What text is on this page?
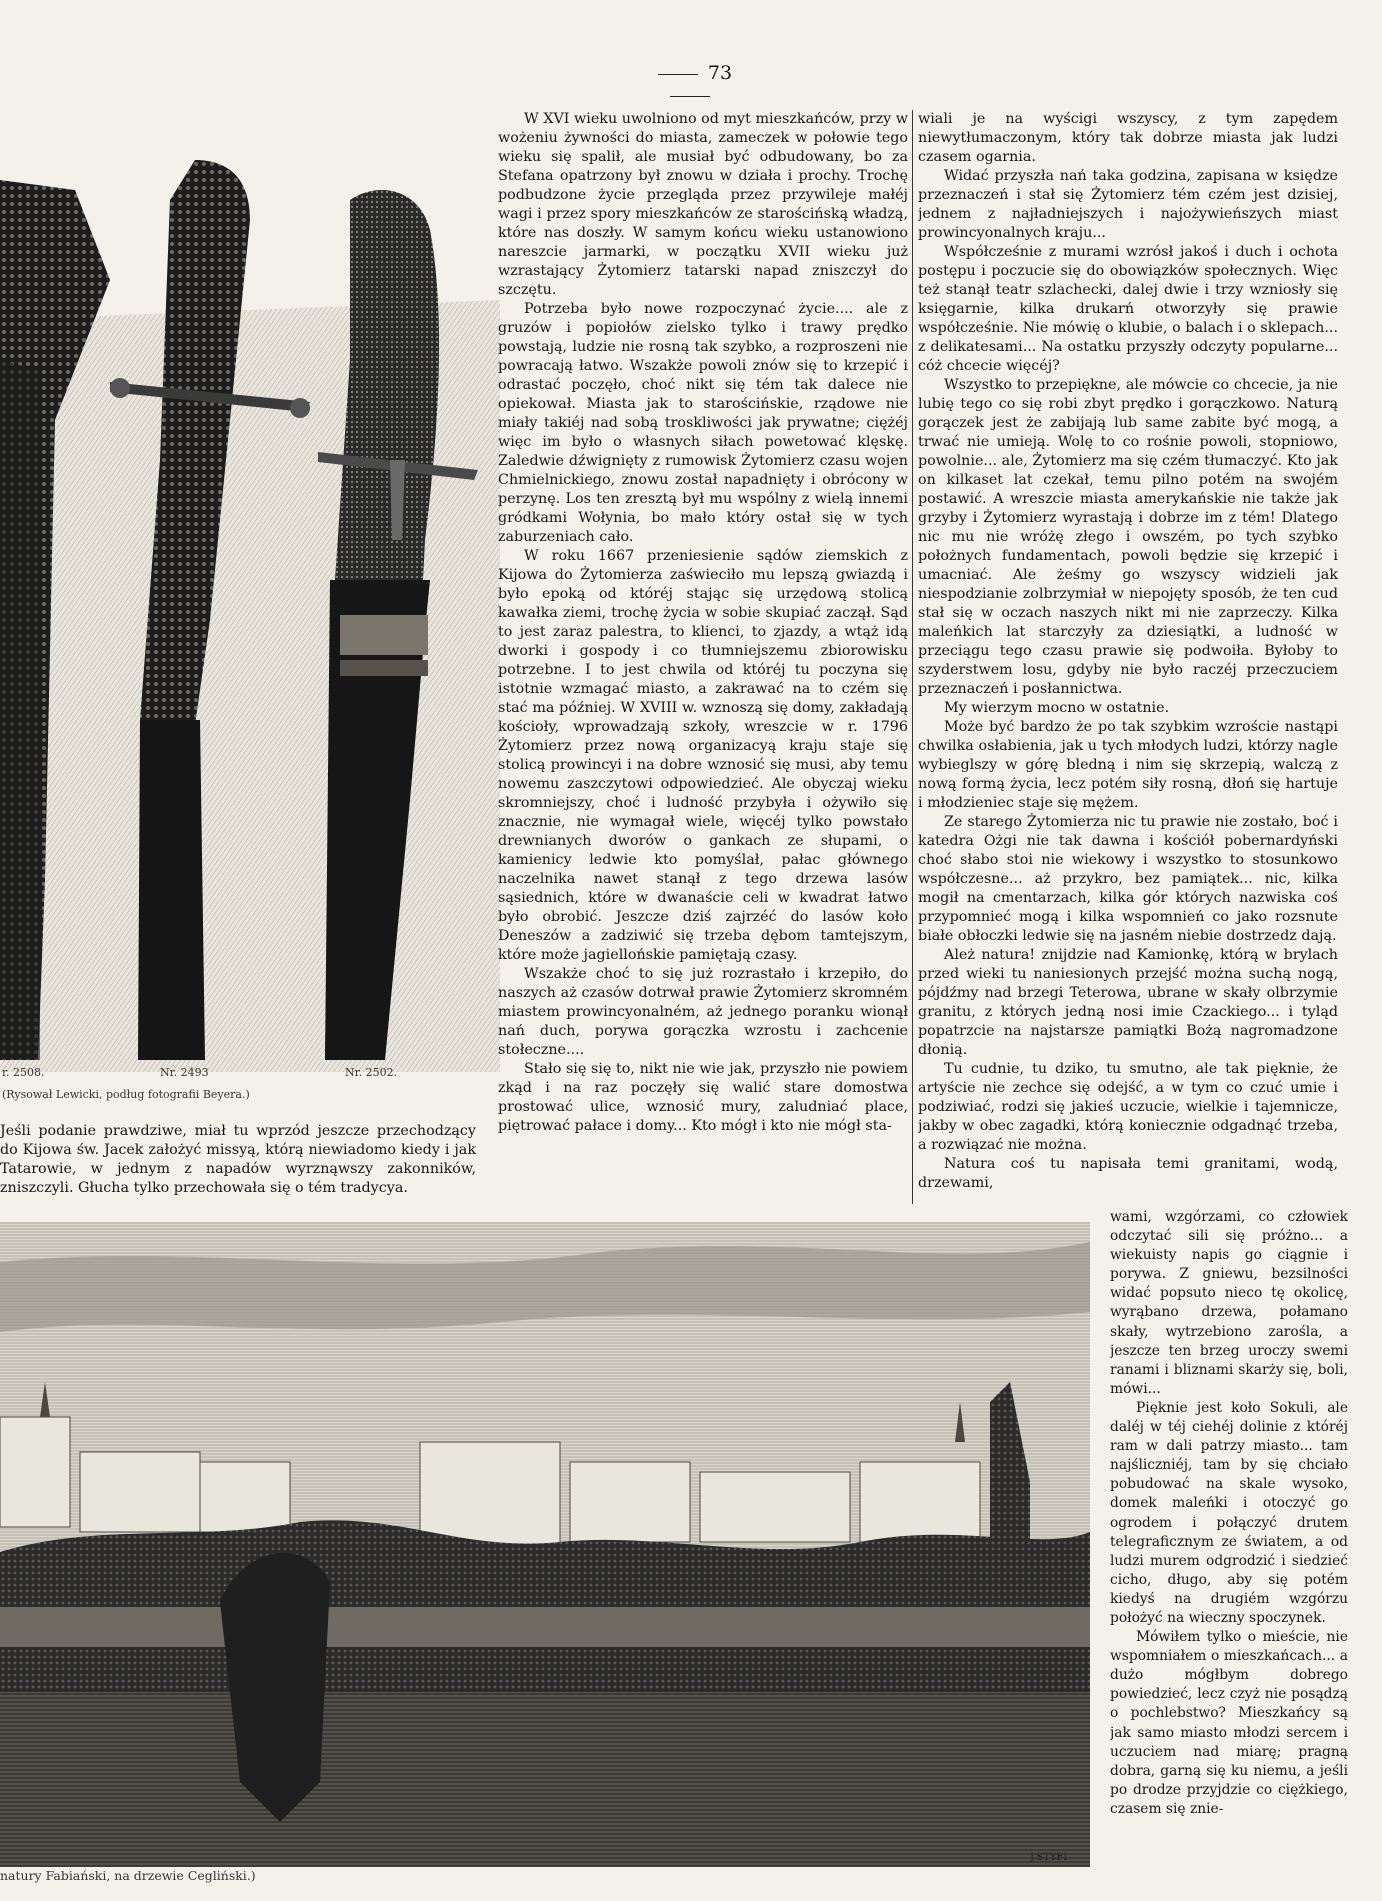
73
r. 2508.	Nr. 2493	Nr. 2502.
(Rysował Lewicki, podług fotografii Beyera.)

Jeśli podanie prawdziwe, miał tu wprzód jeszcze przechodzący do Kijowa św. Jacek założyć missyą, którą niewiadomo kiedy i jak Tatarowie, w jednym z napadów wyrznąwszy zakonników, zniszczyli. Głucha tylko przechowała się o tém tradycya.

W XVI wieku uwolniono od myt mieszkańców, przy w wożeniu żywności do miasta, zameczek w połowie tego wieku się spalił, ale musiał być odbudowany, bo za Stefana opatrzony był znowu w działa i prochy. Trochę podbudzone życie przegląda przez przywileje małéj wagi i przez spory mieszkańców ze starościńską władzą, które nas doszły. W samym końcu wieku ustanowiono nareszcie jarmarki, w początku XVII wieku już wzrastający Żytomierz tatarski napad zniszczył do szczętu.

Potrzeba było nowe rozpoczynać życie.... ale z gruzów i popiołów zielsko tylko i trawy prędko powstają, ludzie nie rosną tak szybko, a rozproszeni nie powracają łatwo. Wszakże powoli znów się to krzepić i odrastać poczęło, choć nikt się tém tak dalece nie opiekował. Miasta jak to starościńskie, rządowe nie miały takiéj nad sobą troskliwości jak prywatne; ciężéj więc im było o własnych siłach powetować klęskę. Zaledwie dźwignięty z rumowisk Żytomierz czasu wojen Chmielnickiego, znowu został napadnięty i obrócony w perzynę. Los ten zresztą był mu wspólny z wielą innemi gródkami Wołynia, bo mało który ostał się w tych zaburzeniach cało.

W roku 1667 przeniesienie sądów ziemskich z Kijowa do Żytomierza zaświeciło mu lepszą gwiazdą i było epoką od któréj stając się urzędową stolicą kawałka ziemi, trochę życia w sobie skupiać zaczął. Sąd to jest zaraz palestra, to klienci, to zjazdy, a wtąż idą dworki i gospody i co tłumniejszemu zbiorowisku potrzebne. I to jest chwila od któréj tu poczyna się istotnie wzmagać miasto, a zakrawać na to czém się stać ma później. W XVIII w. wznoszą się domy, zakładają kościoły, wprowadzają szkoły, wreszcie w r. 1796 Żytomierz przez nową organizacyą kraju staje się stolicą prowincyi i na dobre wznosić się musi, aby temu nowemu zaszczytowi odpowiedzieć. Ale obyczaj wieku skromniejszy, choć i ludność przybyła i ożywiło się znacznie, nie wymagał wiele, więcéj tylko powstało drewnianych dworów o gankach ze słupami, o kamienicy ledwie kto pomyślał, pałac głównego naczelnika nawet stanął z tego drzewa lasów sąsiednich, które w dwanaście celi w kwadrat łatwo było obrobić. Jeszcze dziś zajrzéć do lasów koło Deneszów a zadziwić się trzeba dębom tamtejszym, które może jagiellońskie pamiętają czasy.

Wszakże choć to się już rozrastało i krzepiło, do naszych aż czasów dotrwał prawie Żytomierz skromném miastem prowincyonalném, aż jednego poranku wionął nań duch, porywa gorączka wzrostu i zachcenie stołeczne....

Stało się się to, nikt nie wie jak, przyszło nie powiem zkąd i na raz poczęły się walić stare domostwa prostować ulice, wznosić mury, zaludniać place, piętrować pałace i domy... Kto mógł i kto nie mógł sta-

wiali je na wyścigi wszyscy, z tym zapędem niewytłumaczonym, który tak dobrze miasta jak ludzi czasem ogarnia.

Widać przyszła nań taka godzina, zapisana w księdze przeznaczeń i stał się Żytomierz tém czém jest dzisiej, jednem z najładniejszych i najożywieńszych miast prowincyonalnych kraju...

Współcześnie z murami wzrósł jakoś i duch i ochota postępu i poczucie się do obowiązków społecznych. Więc też stanął teatr szlachecki, dalej dwie i trzy wzniosły się księgarnie, kilka drukarń otworzyły się prawie współcześnie. Nie mówię o klubie, o balach i o sklepach... z delikatesami... Na ostatku przyszły odczyty popularne... cóż chcecie więcéj?

Wszystko to przepiękne, ale mówcie co chcecie, ja nie lubię tego co się robi zbyt prędko i gorączkowo. Naturą gorączek jest że zabijają lub same zabite być mogą, a trwać nie umieją. Wolę to co rośnie powoli, stopniowo, powolnie... ale, Żytomierz ma się czém tłumaczyć. Kto jak on kilkaset lat czekał, temu pilno potém na swojém postawić. A wreszcie miasta amerykańskie nie także jak grzyby i Żytomierz wyrastają i dobrze im z tém! Dlatego nic mu nie wróżę złego i owszém, po tych szybko położnych fundamentach, powoli będzie się krzepić i umacniać. Ale żeśmy go wszyscy widzieli jak niespodzianie zolbrzymiał w niepojęty sposób, że ten cud stał się w oczach naszych nikt mi nie zaprzeczy. Kilka maleńkich lat starczyły za dziesiątki, a ludność w przeciągu tego czasu prawie się podwoiła. Byłoby to szyderstwem losu, gdyby nie było raczéj przeczuciem przeznaczeń i posłannictwa.

My wierzym mocno w ostatnie.

Może być bardzo że po tak szybkim wzroście nastąpi chwilka osłabienia, jak u tych młodych ludzi, którzy nagle wybieglszy w górę bledną i nim się skrzepią, walczą z nową formą życia, lecz potém siły rosną, dłoń się hartuje i młodzieniec staje się mężem.

Ze starego Żytomierza nic tu prawie nie zostało, boć i katedra Ożgi nie tak dawna i kościół pobernardyński choć słabo stoi nie wiekowy i wszystko to stosunkowo współczesne... aż przykro, bez pamiątek... nic, kilka mogił na cmentarzach, kilka gór których nazwiska coś przypomnieć mogą i kilka wspomnień co jako rozsnute białe obłoczki ledwie się na jasném niebie dostrzedz dają.

Ależ natura! znijdzie nad Kamionkę, którą w brylach przed wieki tu naniesionych przejść można suchą nogą, pójdźmy nad brzegi Teterowa, ubrane w skały olbrzymie granitu, z których jedną nosi imie Czackiego... i tyląd popatrzcie na najstarsze pamiątki Bożą nagromadzone dłonią.

Tu cudnie, tu dziko, tu smutno, ale tak pięknie, że artyście nie zechce się odejść, a w tym co czuć umie i podziwiać, rodzi się jakieś uczucie, wielkie i tajemnicze, jakby w obec zagadki, którą koniecznie odgadnąć trzeba, a rozwiązać nie można.

Natura coś tu napisała temi granitami, wodą, drzewami,

J.STYFI
natury Fabiański, na drzewie Cegliński.)

wami, wzgórzami, co człowiek odczytać sili się próżno... a wiekuisty napis go ciągnie i porywa. Z gniewu, bezsilności widać popsuto nieco tę okolicę, wyrąbano drzewa, połamano skały, wytrzebiono zarośla, a jeszcze ten brzeg uroczy swemi ranami i bliznami skarży się, boli, mówi...

Pięknie jest koło Sokuli, ale daléj w téj ciehéj dolinie z któréj ram w dali patrzy miasto... tam najśliczniéj, tam by się chciało pobudować na skale wysoko, domek maleńki i otoczyć go ogrodem i połączyć drutem telegraficznym ze światem, a od ludzi murem odgrodzić i siedzieć cicho, długo, aby się potém kiedyś na drugiém wzgórzu położyć na wieczny spoczynek.

Mówiłem tylko o mieście, nie wspomniałem o mieszkańcach... a dużo mógłbym dobrego powiedzieć, lecz czyż nie posądzą o pochlebstwo? Mieszkańcy są jak samo miasto młodzi sercem i uczuciem nad miarę; pragną dobra, garną się ku niemu, a jeśli po drodze przyjdzie co ciężkiego, czasem się znie-
